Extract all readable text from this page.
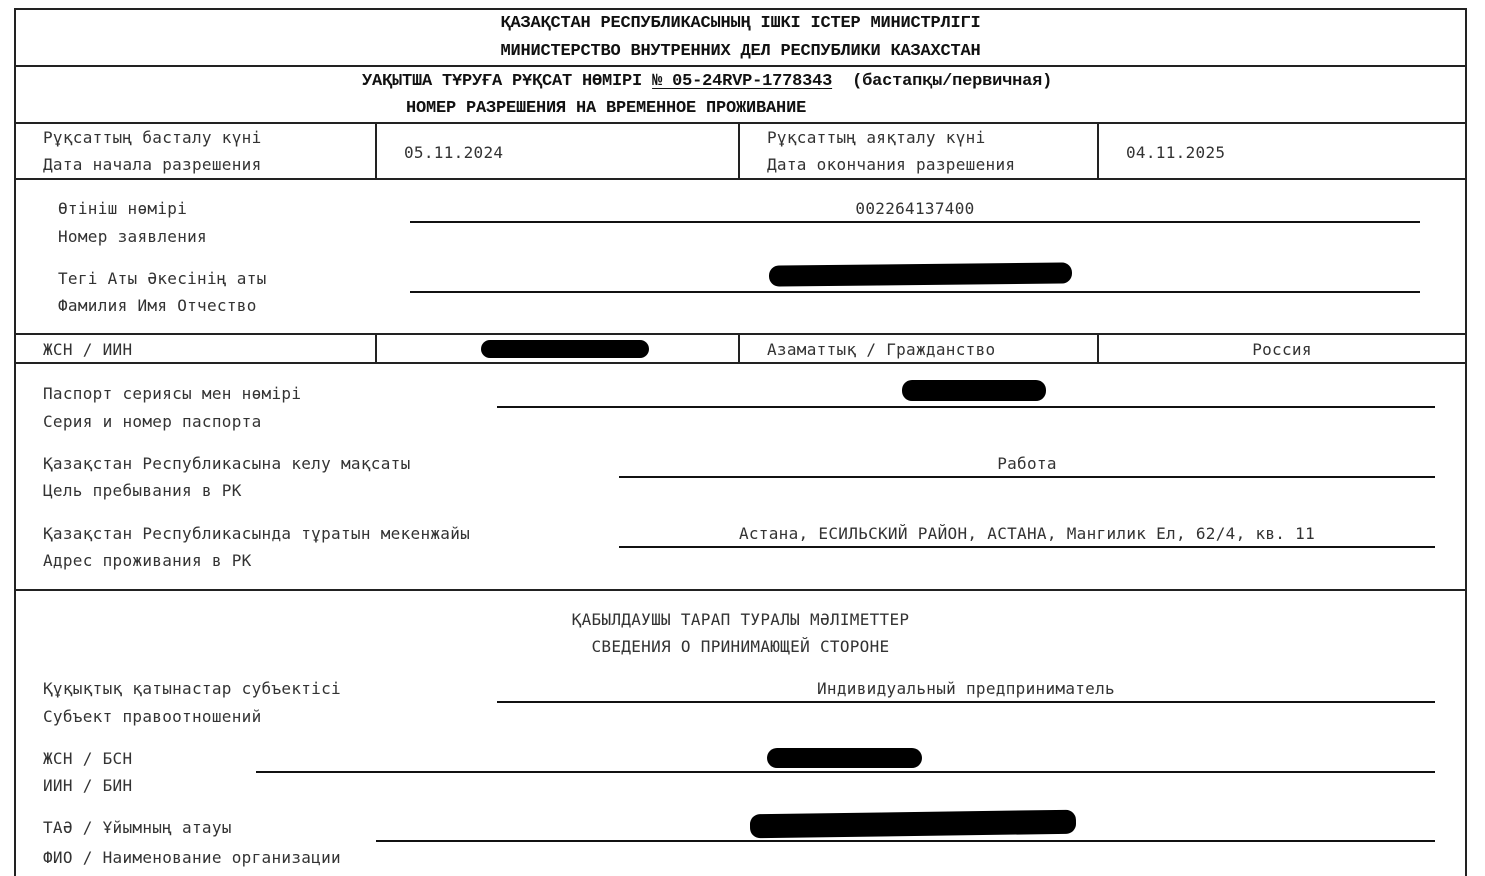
ҚАЗАҚСТАН РЕСПУБЛИКАСЫНЫҢ ІШКІ ІСТЕР МИНИСТРЛІГІ
МИНИСТЕРСТВО ВНУТРЕННИХ ДЕЛ РЕСПУБЛИКИ КАЗАХСТАН
УАҚЫТША ТҰРУҒА РҰҚСАТ НӨМІРІ № 05-24RVP-1778343 (бастапқы/первичная)
НОМЕР РАЗРЕШЕНИЯ НА ВРЕМЕННОЕ ПРОЖИВАНИЕ
Рұқсаттың басталу күні
Дата начала разрешения
05.11.2024
Рұқсаттың аяқталу күні
Дата окончания разрешения
04.11.2025
Өтініш нөмірі
Номер заявления
002264137400
Тегі Аты Әкесінің аты
Фамилия Имя Отчество
ЖСН / ИИН	Азаматтық / Гражданство	Россия
Паспорт сериясы мен нөмірі
Серия и номер паспорта
Қазақстан Республикасына келу мақсаты
Цель пребывания в РК
Работа
Қазақстан Республикасында тұратын мекенжайы
Адрес проживания в РК
Астана, ЕСИЛЬСКИЙ РАЙОН, АСТАНА, Мангилик Ел, 62/4, кв. 11
ҚАБЫЛДАУШЫ ТАРАП ТУРАЛЫ МӘЛІМЕТТЕР
СВЕДЕНИЯ О ПРИНИМАЮЩЕЙ СТОРОНЕ
Құқықтық қатынастар субъектісі
Субъект правоотношений
Индивидуальный предприниматель
ЖСН / БСН
ИИН / БИН
ТАӘ / Ұйымның атауы
ФИО / Наименование организации
